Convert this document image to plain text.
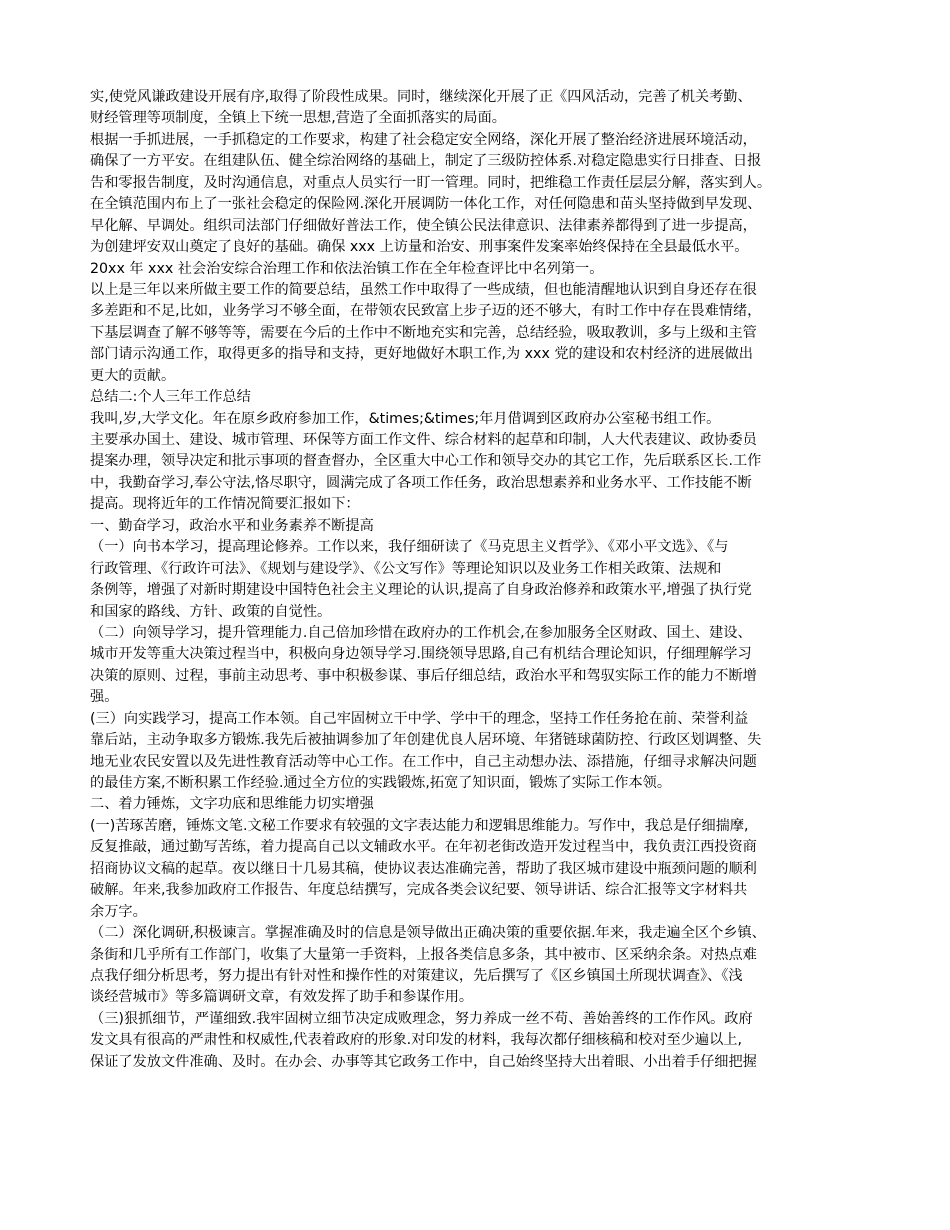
实,使党风谦政建设开展有序,取得了阶段性成果。同时，继续深化开展了正《四风活动，完善了机关考勤、
财经管理等项制度，全镇上下统一思想,营造了全面抓落实的局面。
根据一手抓进展，一手抓稳定的工作要求，构建了社会稳定安全网络，深化开展了整治经济进展环境活动，
确保了一方平安。在组建队伍、健全综治网络的基础上，制定了三级防控体系.对稳定隐患实行日排查、日报
告和零报告制度，及时沟通信息，对重点人员实行一盯一管理。同时，把维稳工作责任层层分解，落实到人。
在全镇范围内布上了一张社会稳定的保险网.深化开展调防一体化工作，对任何隐患和苗头坚持做到早发现、
早化解、早调处。组织司法部门仔细做好普法工作，使全镇公民法律意识、法律素养都得到了进一步提高，
为创建坪安双山奠定了良好的基础。确保 xxx 上访量和治安、刑事案件发案率始终保持在全县最低水平。
20xx 年 xxx 社会治安综合治理工作和依法治镇工作在全年检查评比中名列第一。
以上是三年以来所做主要工作的简要总结，虽然工作中取得了一些成绩，但也能清醒地认识到自身还存在很
多差距和不足,比如，业务学习不够全面，在带领农民致富上步子迈的还不够大，有时工作中存在畏难情绪，
下基层调查了解不够等等，需要在今后的土作中不断地充实和完善，总结经验，吸取教训，多与上级和主管
部门请示沟通工作，取得更多的指导和支持，更好地做好木职工作,为 xxx 党的建设和农村经济的进展做出
更大的贡献。
总结二:个人三年工作总结
我叫,岁,大学文化。年在原乡政府参加工作，&times;&times;年月借调到区政府办公室秘书组工作。
主要承办国土、建设、城市管理、环保等方面工作文件、综合材料的起草和印制，人大代表建议、政协委员
提案办理，领导决定和批示事项的督查督办，全区重大中心工作和领导交办的其它工作，先后联系区长.工作
中，我勤奋学习,奉公守法,恪尽职守，圆满完成了各项工作任务，政治思想素养和业务水平、工作技能不断
提高。现将近年的工作情况简要汇报如下：
一、勤奋学习，政治水平和业务素养不断提高
（一）向书本学习，提高理论修养。工作以来，我仔细研读了《马克思主义哲学》、《邓小平文选》、《与
行政管理、《行政许可法》、《规划与建设学》、《公文写作》等理论知识以及业务工作相关政策、法规和
条例等，增强了对新时期建设中国特色社会主义理论的认识,提高了自身政治修养和政策水平,增强了执行党
和国家的路线、方针、政策的自觉性。
（二）向领导学习，提升管理能力.自己倍加珍惜在政府办的工作机会,在参加服务全区财政、国土、建设、
城市开发等重大决策过程当中，积极向身边领导学习.围绕领导思路,自己有机结合理论知识，仔细理解学习
决策的原则、过程，事前主动思考、事中积极参谋、事后仔细总结，政治水平和驾驭实际工作的能力不断增
强。
(三）向实践学习，提高工作本领。自己牢固树立干中学、学中干的理念，坚持工作任务抢在前、荣誉利益
靠后站，主动争取多方锻炼.我先后被抽调参加了年创建优良人居环境、年猪链球菌防控、行政区划调整、失
地无业农民安置以及先进性教育活动等中心工作。在工作中，自己主动想办法、添措施，仔细寻求解决问题
的最佳方案,不断积累工作经验.通过全方位的实践锻炼,拓宽了知识面，锻炼了实际工作本领。
二、着力锤炼，文字功底和思维能力切实增强
(一)苦琢苦磨，锤炼文笔.文秘工作要求有较强的文字表达能力和逻辑思维能力。写作中，我总是仔细揣摩,
反复推敲，通过勤写苦练，着力提高自己以文辅政水平。在年初老街改造开发过程当中，我负责江西投资商
招商协议文稿的起草。夜以继日十几易其稿，使协议表达准确完善，帮助了我区城市建设中瓶颈问题的顺利
破解。年来,我参加政府工作报告、年度总结撰写，完成各类会议纪要、领导讲话、综合汇报等文字材料共
余万字。
（二）深化调研,积极谏言。掌握准确及时的信息是领导做出正确决策的重要依据.年来，我走遍全区个乡镇、
条街和几乎所有工作部门，收集了大量第一手资料，上报各类信息多条，其中被市、区采纳余条。对热点难
点我仔细分析思考，努力提出有针对性和操作性的对策建议，先后撰写了《区乡镇国土所现状调查》、《浅
谈经营城市》等多篇调研文章，有效发挥了助手和参谋作用。
（三)狠抓细节，严谨细致.我牢固树立细节决定成败理念，努力养成一丝不苟、善始善终的工作作风。政府
发文具有很高的严肃性和权威性,代表着政府的形象.对印发的材料，我每次都仔细核稿和校对至少遍以上,
保证了发放文件准确、及时。在办会、办事等其它政务工作中，自己始终坚持大出着眼、小出着手仔细把握
